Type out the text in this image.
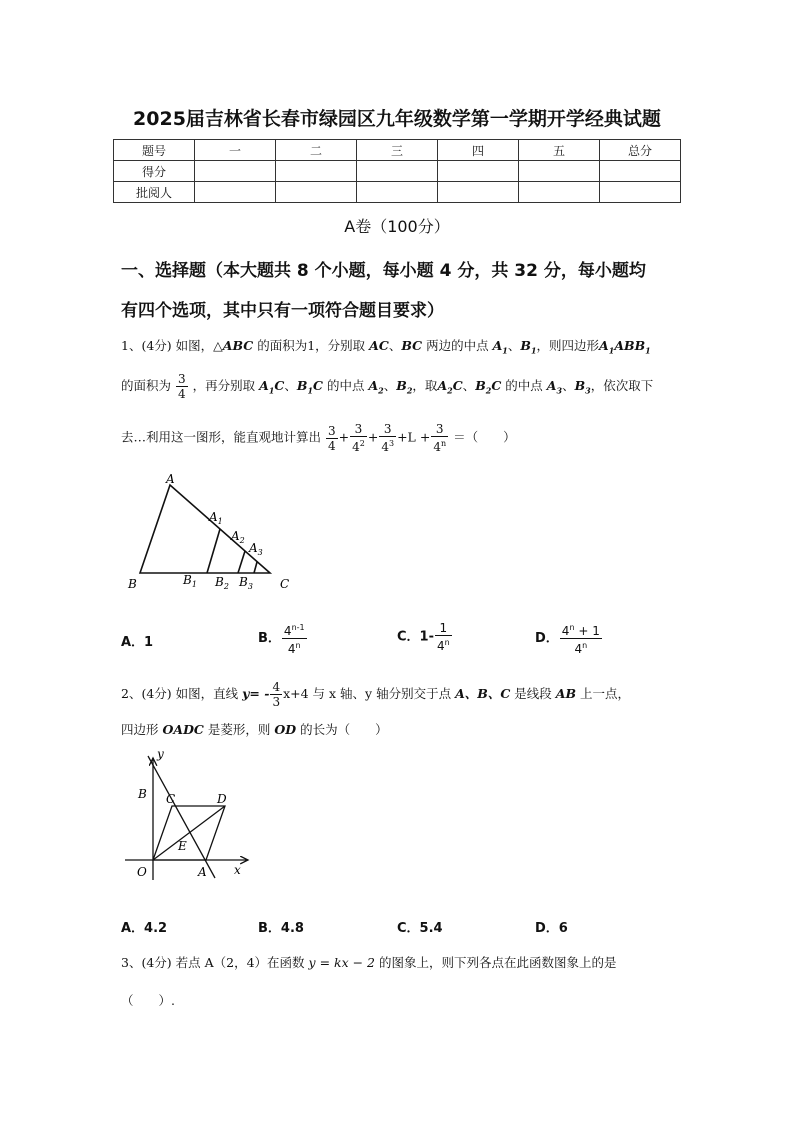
2025届吉林省长春市绿园区九年级数学第一学期开学经典试题
题号	一	二	三	四	五	总分
得分						
批阅人						
A卷（100分）
一、选择题（本大题共 8 个小题，每小题 4 分，共 32 分，每小题均
有四个选项，其中只有一项符合题目要求）
1、(4分) 如图，△ABC 的面积为1，分别取 AC、BC 两边的中点 $A_1$、$B_1$，则四边形$A_1ABB_1$
的面积为 $\frac{3}{4}$ ，再分别取 $A_1C$、$B_1C$ 的中点 $A_2$、$B_2$，取$A_2C$、$B_2C$ 的中点 $A_3$、$B_3$，依次取下
去…利用这一图形，能直观地计算出 $\frac{3}{4} + \frac{3}{4^2} + \frac{3}{4^3} +L + \frac{3}{4^n}$ ＝（　　）
A
$A_1$
$A_2$
$A_3$
B	$B_1$ $B_2$ $B_3$ C
A．1	B． $\frac{4^{n-1}}{4^n}$	C．$1- \frac{1}{4^n}$	D． $\frac{4^n + 1}{4^n}$
2、(4分) 如图，直线 $y= - \frac{4}{3} x+4$ 与 x 轴、y 轴分别交于点 A、B、C 是线段 AB 上一点，
四边形 OADC 是菱形，则 OD 的长为（　　）
y
B C	D
E
O	A x
A．4.2	B．4.8	C．5.4	D．6
3、(4分) 若点 A（2，4）在函数 y = kx − 2 的图象上，则下列各点在此函数图象上的是
（　　）.
